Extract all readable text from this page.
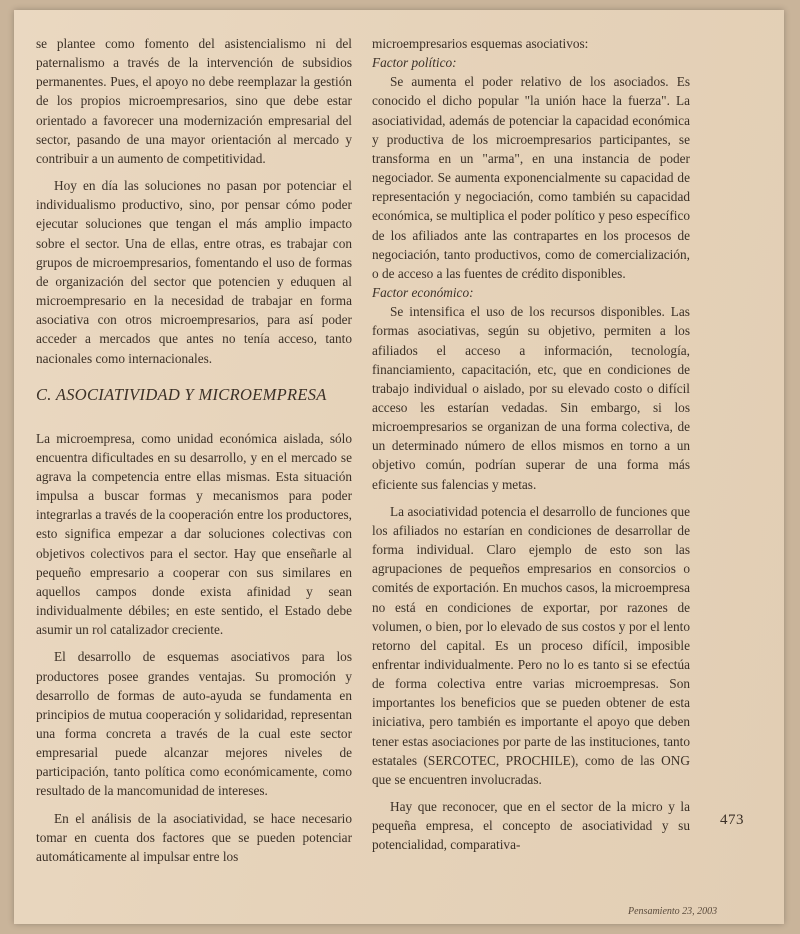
se plantee como fomento del asistencialismo ni del paternalismo a través de la intervención de subsidios permanentes. Pues, el apoyo no debe reemplazar la gestión de los propios microempresarios, sino que debe estar orientado a favorecer una modernización empresarial del sector, pasando de una mayor orientación al mercado y contribuir a un aumento de competitividad.

Hoy en día las soluciones no pasan por potenciar el individualismo productivo, sino, por pensar cómo poder ejecutar soluciones que tengan el más amplio impacto sobre el sector. Una de ellas, entre otras, es trabajar con grupos de microempresarios, fomentando el uso de formas de organización del sector que potencien y eduquen al microempresario en la necesidad de trabajar en forma asociativa con otros microempresarios, para así poder acceder a mercados que antes no tenía acceso, tanto nacionales como internacionales.

C. ASOCIATIVIDAD Y MICROEMPRESA

La microempresa, como unidad económica aislada, sólo encuentra dificultades en su desarrollo, y en el mercado se agrava la competencia entre ellas mismas. Esta situación impulsa a buscar formas y mecanismos para poder integrarlas a través de la cooperación entre los productores, esto significa empezar a dar soluciones colectivas con objetivos colectivos para el sector. Hay que enseñarle al pequeño empresario a cooperar con sus similares en aquellos campos donde exista afinidad y sean individualmente débiles; en este sentido, el Estado debe asumir un rol catalizador creciente.

El desarrollo de esquemas asociativos para los productores posee grandes ventajas. Su promoción y desarrollo de formas de auto-ayuda se fundamenta en principios de mutua cooperación y solidaridad, representan una forma concreta a través de la cual este sector empresarial puede alcanzar mejores niveles de participación, tanto política como económicamente, como resultado de la mancomunidad de intereses.

En el análisis de la asociatividad, se hace necesario tomar en cuenta dos factores que se pueden potenciar automáticamente al impulsar entre los

microempresarios esquemas asociativos:

Factor político:

Se aumenta el poder relativo de los asociados. Es conocido el dicho popular "la unión hace la fuerza". La asociatividad, además de potenciar la capacidad económica y productiva de los microempresarios participantes, se transforma en un "arma", en una instancia de poder negociador. Se aumenta exponencialmente su capacidad de representación y negociación, como también su capacidad económica, se multiplica el poder político y peso específico de los afiliados ante las contrapartes en los procesos de negociación, tanto productivos, como de comercialización, o de acceso a las fuentes de crédito disponibles.

Factor económico:

Se intensifica el uso de los recursos disponibles. Las formas asociativas, según su objetivo, permiten a los afiliados el acceso a información, tecnología, financiamiento, capacitación, etc, que en condiciones de trabajo individual o aislado, por su elevado costo o difícil acceso les estarían vedadas. Sin embargo, si los microempresarios se organizan de una forma colectiva, de un determinado número de ellos mismos en torno a un objetivo común, podrían superar de una forma más eficiente sus falencias y metas.

La asociatividad potencia el desarrollo de funciones que los afiliados no estarían en condiciones de desarrollar de forma individual. Claro ejemplo de esto son las agrupaciones de pequeños empresarios en consorcios o comités de exportación. En muchos casos, la microempresa no está en condiciones de exportar, por razones de volumen, o bien, por lo elevado de sus costos y por el lento retorno del capital. Es un proceso difícil, imposible enfrentar individualmente. Pero no lo es tanto si se efectúa de forma colectiva entre varias microempresas. Son importantes los beneficios que se pueden obtener de esta iniciativa, pero también es importante el apoyo que deben tener estas asociaciones por parte de las instituciones, tanto estatales (SERCOTEC, PROCHILE), como de las ONG que se encuentren involucradas.

Hay que reconocer, que en el sector de la micro y la pequeña empresa, el concepto de asociatividad y su potencialidad, comparativa-

473
Pensamiento 23, 2003
